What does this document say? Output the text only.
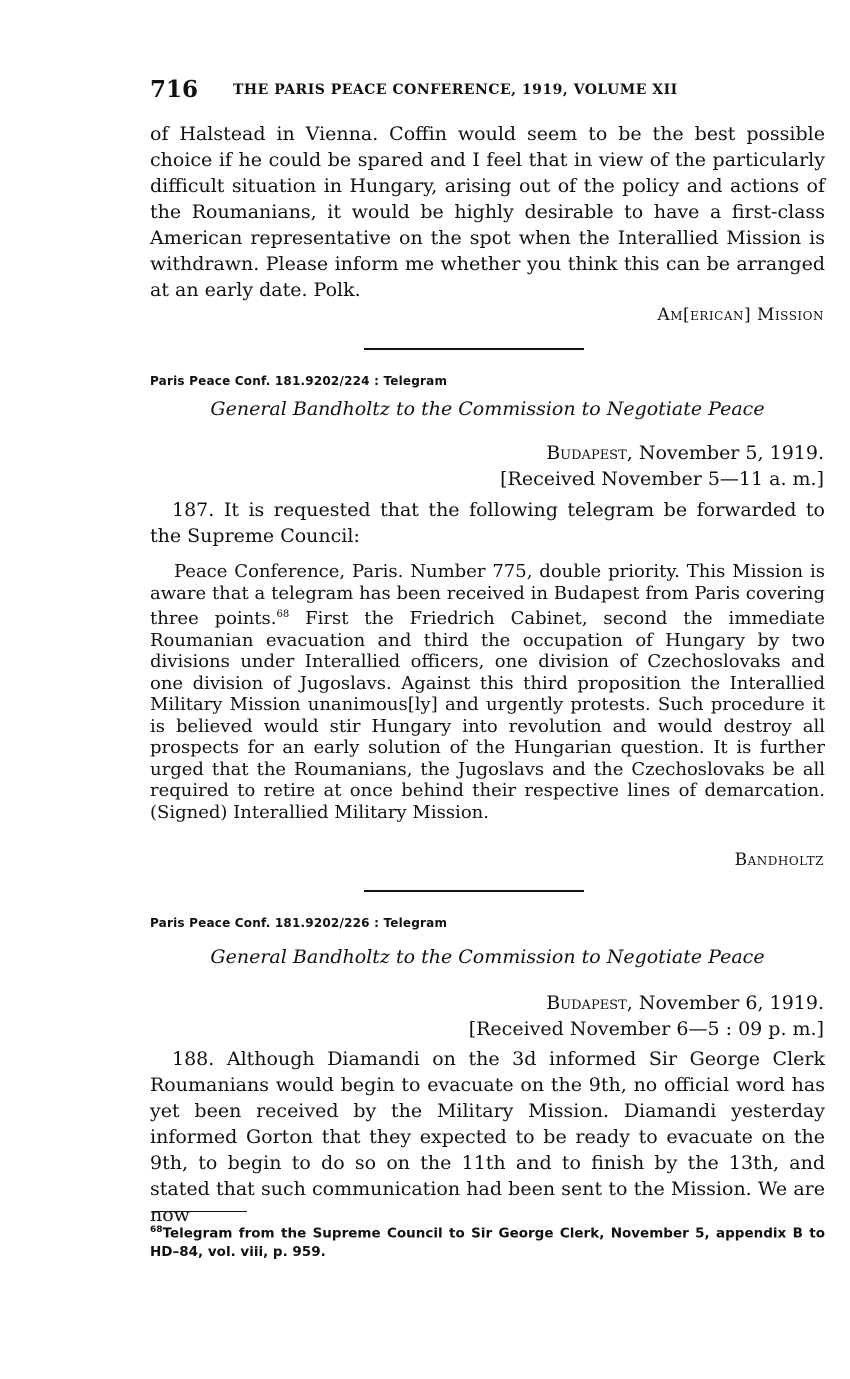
716 THE PARIS PEACE CONFERENCE, 1919, VOLUME XII

of Halstead in Vienna. Coffin would seem to be the best possible choice if he could be spared and I feel that in view of the particularly difficult situation in Hungary, arising out of the policy and actions of the Roumanians, it would be highly desirable to have a first-class American representative on the spot when the Interallied Mission is withdrawn. Please inform me whether you think this can be arranged at an early date. Polk.

Am[erican] Mission
Paris Peace Conf. 181.9202/224 : Telegram
General Bandholtz to the Commission to Negotiate Peace
Budapest, November 5, 1919.
[Received November 5—11 a. m.]

187. It is requested that the following telegram be forwarded to the Supreme Council:

Peace Conference, Paris. Number 775, double priority. This Mission is aware that a telegram has been received in Budapest from Paris covering three points.$^{68}$ First the Friedrich Cabinet, second the immediate Roumanian evacuation and third the occupation of Hungary by two divisions under Interallied officers, one division of Czechoslovaks and one division of Jugoslavs. Against this third proposition the Interallied Military Mission unanimous[ly] and urgently protests. Such procedure it is believed would stir Hungary into revolution and would destroy all prospects for an early solution of the Hungarian question. It is further urged that the Roumanians, the Jugoslavs and the Czechoslovaks be all required to retire at once behind their respective lines of demarcation. (Signed) Interallied Military Mission.

Bandholtz
Paris Peace Conf. 181.9202/226 : Telegram
General Bandholtz to the Commission to Negotiate Peace
Budapest, November 6, 1919.
[Received November 6—5 : 09 p. m.]

188. Although Diamandi on the 3d informed Sir George Clerk Roumanians would begin to evacuate on the 9th, no official word has yet been received by the Military Mission. Diamandi yesterday informed Gorton that they expected to be ready to evacuate on the 9th, to begin to do so on the 11th and to finish by the 13th, and stated that such communication had been sent to the Mission. We are now

$^{68}$Telegram from the Supreme Council to Sir George Clerk, November 5, appendix B to HD–84, vol. viii, p. 959.
